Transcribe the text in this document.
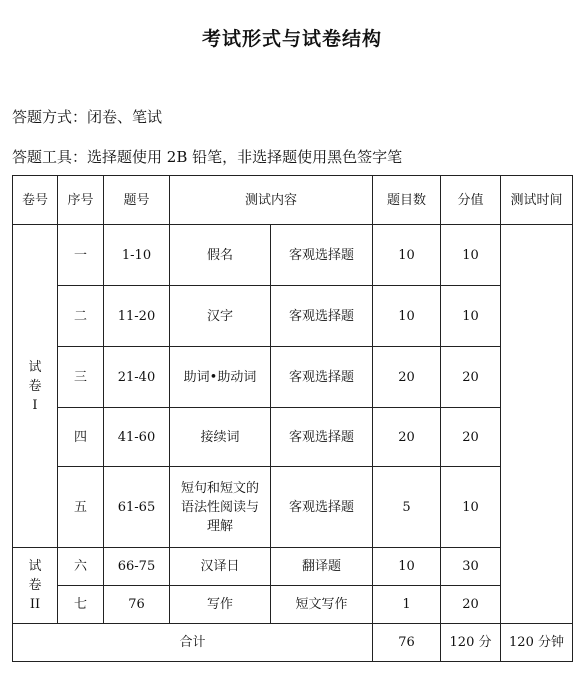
考试形式与试卷结构
答题方式：闭卷、笔试
答题工具：选择题使用 2B 铅笔，非选择题使用黑色签字笔
卷号	序号	题号	测试内容		题目数	分值	测试时间

试
卷
I	一	1-10	假名	客观选择题	10	10	
	二	11-20	汉字	客观选择题	10	10	
	三	21-40	助词•助动词	客观选择题	20	20	
	四	41-60	接续词	客观选择题	20	20	
	五	61-65	短句和短文的语法性阅读与理解	客观选择题	5	10	

试
卷
II	六	66-75	汉译日	翻译题	10	30	
	七	76	写作	短文写作	1	20	
合计					76	120 分	120 分钟
